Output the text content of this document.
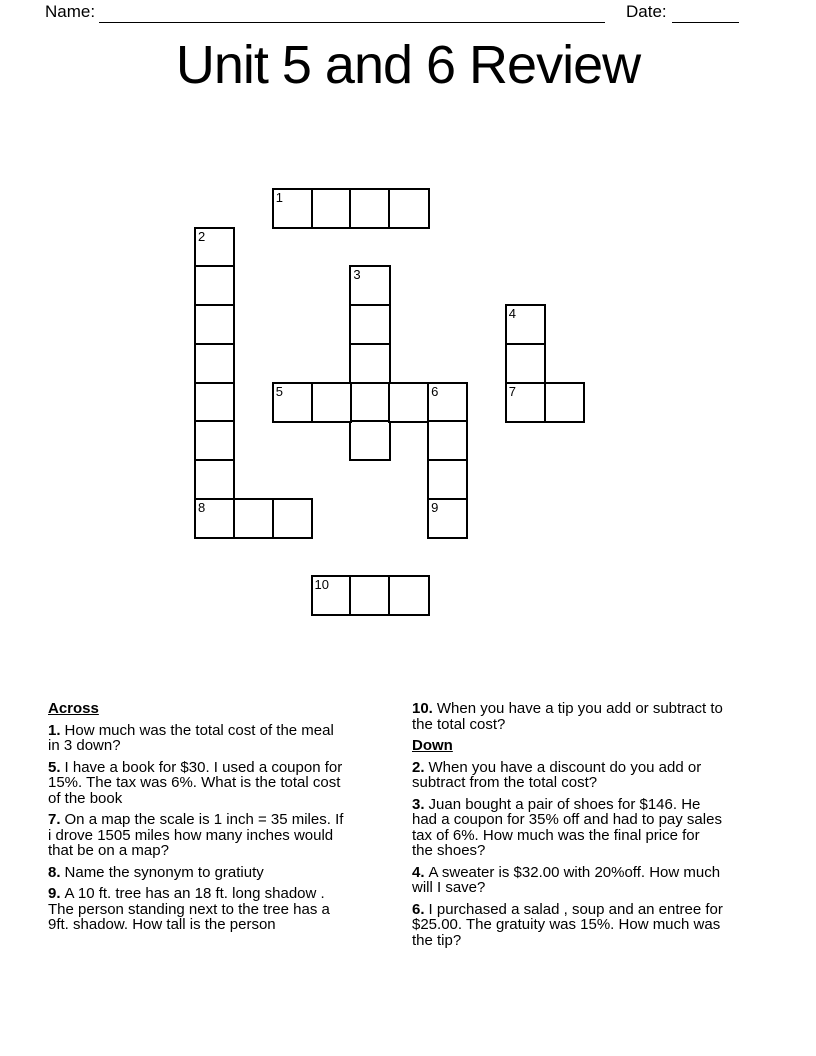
Name:	Date:
Unit 5 and 6 Review
1
2
8
3
4
7
5	6
9
10

Across

1. How much was the total cost of the meal in 3 down?

5. I have a book for $30. I used a coupon for 15%. The tax was 6%. What is the total cost of the book

7. On a map the scale is 1 inch = 35 miles. If i drove 1505 miles how many inches would that be on a map?

8. Name the synonym to gratiuty

9. A 10 ft. tree has an 18 ft. long shadow . The person standing next to the tree has a 9ft. shadow. How tall is the person

10. When you have a tip you add or subtract to the total cost?

Down

2. When you have a discount do you add or subtract from the total cost?

3. Juan bought a pair of shoes for $146. He had a coupon for 35% off and had to pay sales tax of 6%. How much was the final price for the shoes?

4. A sweater is $32.00 with 20%off. How much will I save?

6. I purchased a salad , soup and an entree for $25.00. The gratuity was 15%. How much was the tip?
